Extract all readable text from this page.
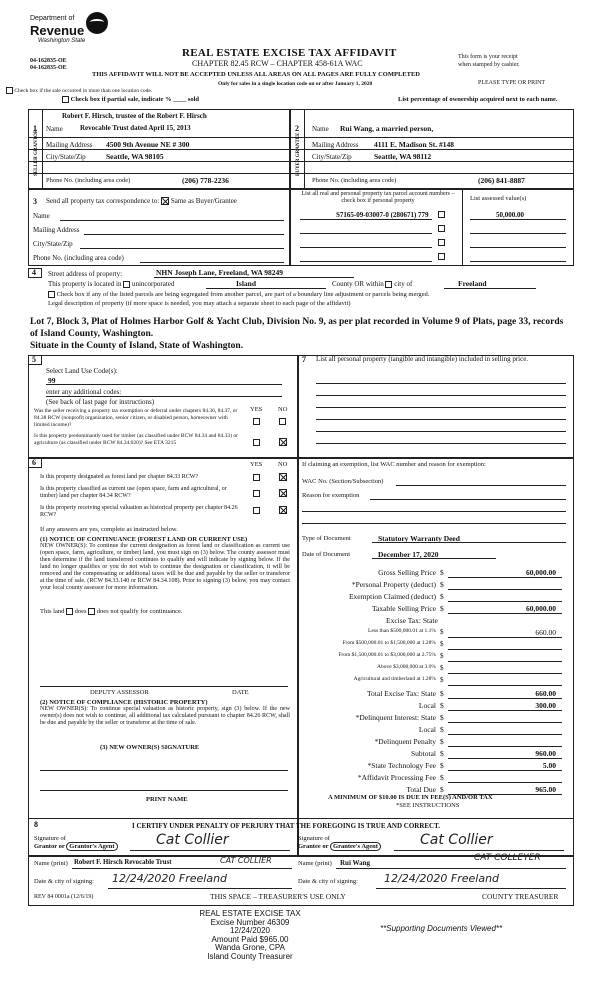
Department of
Revenue
Washington State
04-162835-OE
04-162835-OE
REAL ESTATE EXCISE TAX AFFIDAVIT
CHAPTER 82.45 RCW – CHAPTER 458-61A WAC
THIS AFFIDAVIT WILL NOT BE ACCEPTED UNLESS ALL AREAS ON ALL PAGES ARE FULLY COMPLETED
This form is your receipt
when stamped by cashier.
PLEASE TYPE OR PRINT
Check box if the sale occurred in more than one location code.
Only for sales in a single location code on or after January 1, 2020
Check box if partial sale, indicate % ____ sold	List percentage of ownership acquired next to each name.
1	2
SELLER GRANTOR	BUYER GRANTEE
Robert F. Hirsch, trustee of the Robert F. Hirsch
Name Revocable Trust dated April 15, 2013
Mailing Address 4500 9th Avenue NE # 300
City/State/Zip	Seattle, WA 98105
Phone No. (including area code)	(206) 778-2236
Name Rui Wang, a married person,
Mailing Address 4111 E. Madison St. #148
City/State/Zip	Seattle, WA 98112
Phone No. (including area code)	(206) 841-8887
3 Send all property tax correspondence to: Same as Buyer/Grantee
Name
Mailing Address
City/State/Zip
Phone No. (including area code)
List all real and personal property tax parcel account numbers – check box if personal property	List assessed value(s)
S7165-09-03007-0 (280671) 779	50,000.00
4 Street address of property:	NHN Joseph Lane, Freeland, WA 98249
This property is located in unincorporated	Island	County OR within city of	Freeland
Check box if any of the listed parcels are being segregated from another parcel, are part of a boundary line adjustment or parcels being merged.
Legal description of property (if more space is needed, you may attach a separate sheet to each page of the affidavit)
Lot 7, Block 3, Plat of Holmes Harbor Golf & Yacht Club, Division No. 9, as per plat recorded in Volume 9 of Plats, page 33, records of Island County, Washington.
Situate in the County of Island, State of Washington.
5
Select Land Use Code(s):
99
enter any additional codes:
(See back of last page for instructions)
YES NO
Was the seller receiving a property tax exemption or deferral under chapters 84.36, 84.37, or 84.38 RCW (nonprofit organization, senior citizen, or disabled person, homeowner with limited income)?
Is this property predominantly used for timber (as classified under RCW 84.34 and 84.33) or agriculture (as classified under RCW 84.34.020)? See ETA 3215
7 List all personal property (tangible and intangible) included in selling price.
6	YES NO
Is this property designated as forest land per chapter 84.33 RCW?
Is this property classified as current use (open space, farm and agricultural, or timber) land per chapter 84.34 RCW?
Is this property receiving special valuation as historical property per chapter 84.26 RCW?
If any answers are yes, complete as instructed below.
(1) NOTICE OF CONTINUANCE (FOREST LAND OR CURRENT USE)
NEW OWNER(S): To continue the current designation as forest land or classification as current use (open space, farm, agriculture, or timber) land, you must sign on (3) below. The county assessor must then determine if the land transferred continues to qualify and will indicate by signing below. If the land no longer qualifies or you do not wish to continue the designation or classification, it will be removed and the compensating or additional taxes will be due and payable by the seller or transferor at the time of sale. (RCW 84.33.140 or RCW 84.34.108). Prior to signing (3) below, you may contact your local county assessor for more information.
This land does does not qualify for continuance.
DEPUTY ASSESSOR	DATE
(2) NOTICE OF COMPLIANCE (HISTORIC PROPERTY)
NEW OWNER(S): To continue special valuation as historic property, sign (3) below. If the new owner(s) does not wish to continue, all additional tax calculated pursuant to chapter 84.26 RCW, shall be due and payable by the seller or transferor at the time of sale.
(3) NEW OWNER(S) SIGNATURE
PRINT NAME
If claiming an exemption, list WAC number and reason for exemption:
WAC No. (Section/Subsection)
Reason for exemption
Type of Document	Statutory Warranty Deed
Date of Document	December 17, 2020
Gross Selling Price $	60,000.00
*Personal Property (deduct) $
Exemption Claimed (deduct) $
Taxable Selling Price $	60,000.00
Excise Tax: State
Less than $500,000.01 at 1.1% $	660.00
From $500,000.01 to $1,500,000 at 1.28% $
From $1,500,000.01 to $3,000,000 at 2.75% $
Above $3,000,000 at 3.0% $
Agricultural and timberland at 1.28% $
Total Excise Tax: State $	660.00
Local $	300.00
*Delinquent Interest: State $
Local $
*Delinquent Penalty $
Subtotal $	960.00
*State Technology Fee $	5.00
*Affidavit Processing Fee $
Total Due $	965.00
A MINIMUM OF $10.00 IS DUE IN FEE(S) AND/OR TAX
*SEE INSTRUCTIONS
8	I CERTIFY UNDER PENALTY OF PERJURY THAT THE FOREGOING IS TRUE AND CORRECT.
Signature of
Grantor or Grantor's Agent	Cat Collier	Signature of
Grantee or Grantee's Agent	Cat Collier
Name (print) Robert F. Hirsch Revocable Trust	CAT COLLIER	Name (print) Rui Wang	CAT COLLEYER
Date & city of signing: 12/24/2020 Freeland	Date & city of signing: 12/24/2020 Freeland
REV 84 0001a (12/6/19)	THIS SPACE – TREASURER'S USE ONLY	COUNTY TREASURER
REAL ESTATE EXCISE TAX
Excise Number 46309
12/24/2020
Amount Paid $965.00
Wanda Grone, CPA
Island County Treasurer
**Supporting Documents Viewed**
